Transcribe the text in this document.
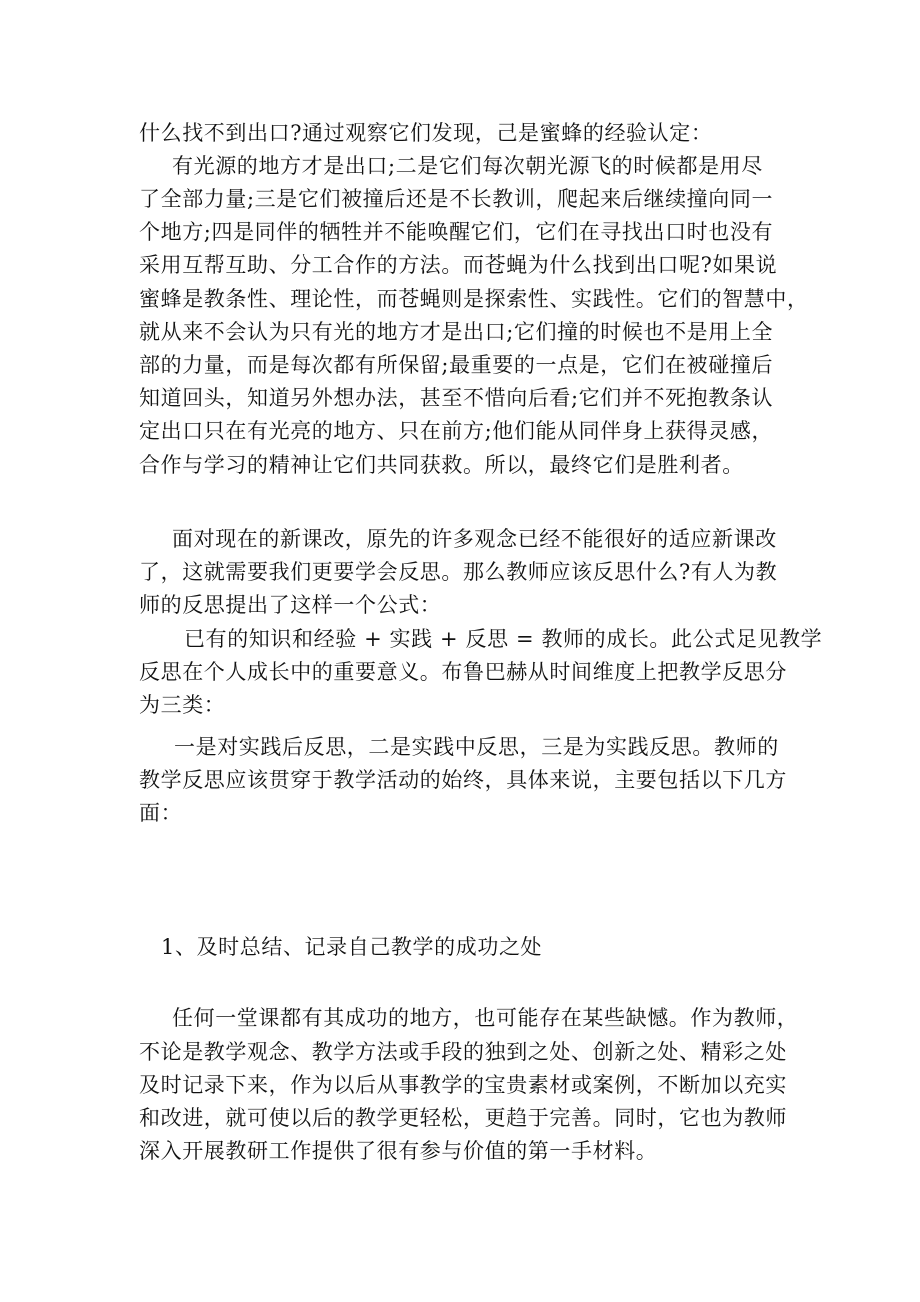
什么找不到出口?通过观察它们发现，己是蜜蜂的经验认定：
有光源的地方才是出口;二是它们每次朝光源飞的时候都是用尽
了全部力量;三是它们被撞后还是不长教训，爬起来后继续撞向同一
个地方;四是同伴的牺牲并不能唤醒它们，它们在寻找出口时也没有
采用互帮互助、分工合作的方法。而苍蝇为什么找到出口呢?如果说
蜜蜂是教条性、理论性，而苍蝇则是探索性、实践性。它们的智慧中，
就从来不会认为只有光的地方才是出口;它们撞的时候也不是用上全
部的力量，而是每次都有所保留;最重要的一点是，它们在被碰撞后
知道回头，知道另外想办法，甚至不惜向后看;它们并不死抱教条认
定出口只在有光亮的地方、只在前方;他们能从同伴身上获得灵感，
合作与学习的精神让它们共同获救。所以，最终它们是胜利者。
面对现在的新课改，原先的许多观念已经不能很好的适应新课改
了，这就需要我们更要学会反思。那么教师应该反思什么?有人为教
师的反思提出了这样一个公式：
已有的知识和经验 + 实践 + 反思 = 教师的成长。此公式足见教学
反思在个人成长中的重要意义。布鲁巴赫从时间维度上把教学反思分
为三类：
一是对实践后反思，二是实践中反思，三是为实践反思。教师的
教学反思应该贯穿于教学活动的始终，具体来说，主要包括以下几方
面：
1、及时总结、记录自己教学的成功之处
任何一堂课都有其成功的地方，也可能存在某些缺憾。作为教师，
不论是教学观念、教学方法或手段的独到之处、创新之处、精彩之处
及时记录下来，作为以后从事教学的宝贵素材或案例，不断加以充实
和改进，就可使以后的教学更轻松，更趋于完善。同时，它也为教师
深入开展教研工作提供了很有参与价值的第一手材料。
